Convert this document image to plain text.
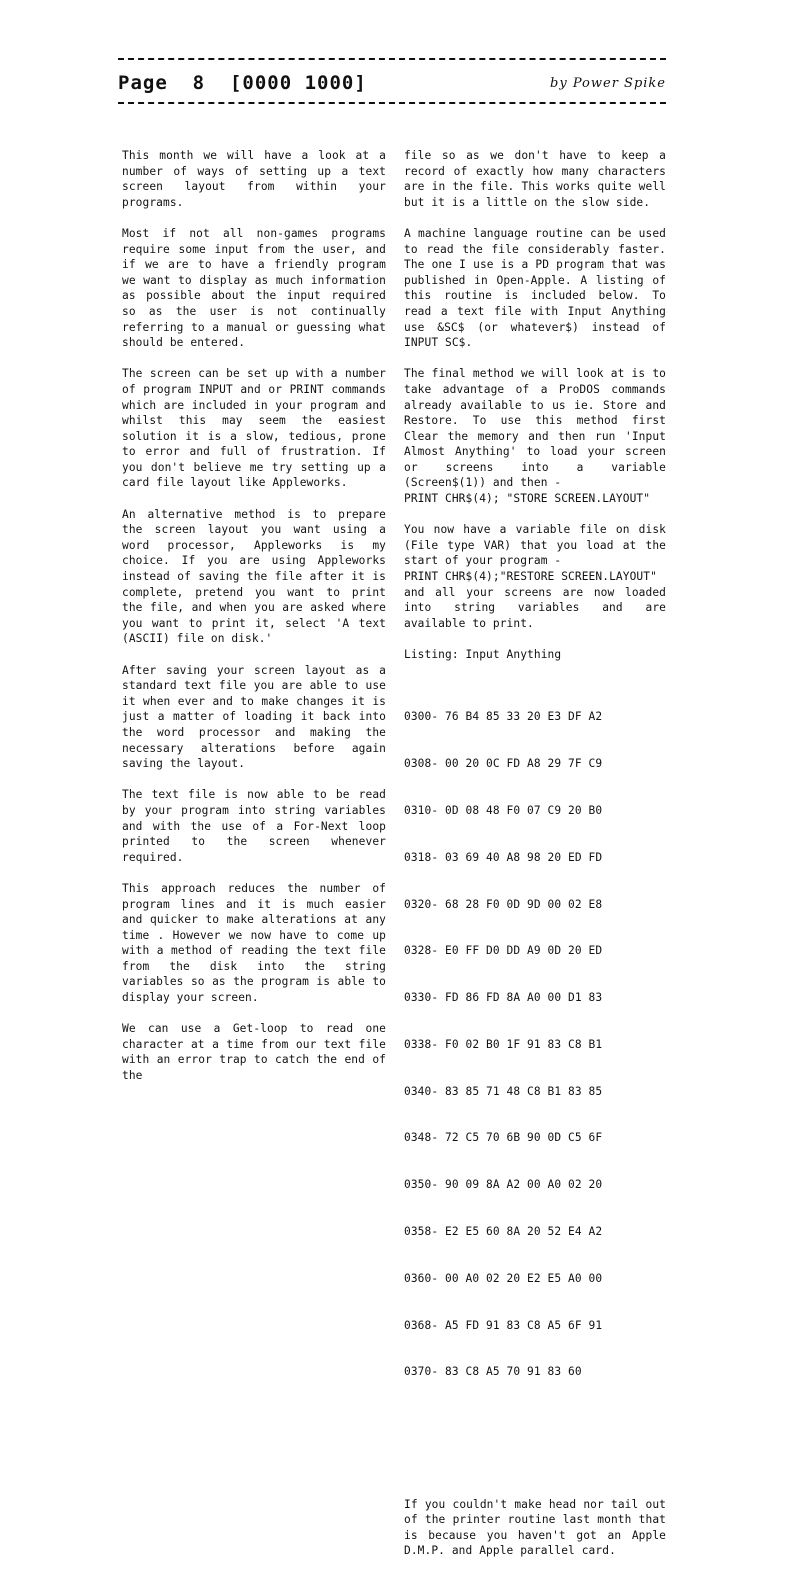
Page  8  [0000 1000]	by Power Spike

This month we will have a look at a number of ways of setting up a text screen layout from within your programs.

Most if not all non-games programs require some input from the user, and if we are to have a friendly program we want to display as much information as possible about the input required so as the user is not continually referring to a manual or guessing what should be entered.

The screen can be set up with a number of program INPUT and or PRINT commands which are included in your program and whilst this may seem the easiest solution it is a slow, tedious, prone to error and full of frustration. If you don't believe me try setting up a card file layout like Appleworks.

An alternative method is to prepare the screen layout you want using a word processor, Appleworks is my choice. If you are using Appleworks instead of saving the file after it is complete, pretend you want to print the file, and when you are asked where you want to print it, select 'A text (ASCII) file on disk.'

After saving your screen layout as a standard text file you are able to use it when ever and to make changes it is just a matter of loading it back into the word processor and making the necessary alterations before again saving the layout.

The text file is now able to be read by your program into string variables and with the use of a For-Next loop printed to the screen whenever required.

This approach reduces the number of program lines and it is much easier and quicker to make alterations at any time . However we now have to come up with a method of reading the text file from the disk into the string variables so as the program is able to display your screen.

We can use a Get-loop to read one character at a time from our text file with an error trap to catch the end of the

file so as we don't have to keep a record of exactly how many characters are in the file. This works quite well but it is a little on the slow side.

A machine language routine can be used to read the file considerably faster. The one I use is a PD program that was published in Open-Apple. A listing of this routine is included below. To read a text file with Input Anything use &SC$ (or whatever$) instead of INPUT SC$.

The final method we will look at is to take advantage of a ProDOS commands already available to us ie. Store and Restore. To use this method first Clear the memory and then run 'Input Almost Anything' to load your screen or screens into a variable (Screen$(1)) and then -
PRINT CHR$(4); "STORE SCREEN.LAYOUT"

You now have a variable file on disk (File type VAR) that you load at the start of your program -
PRINT CHR$(4);"RESTORE SCREEN.LAYOUT"
and all your screens are now loaded into string variables and are available to print.

Listing: Input Anything

0300- 76 B4 85 33 20 E3 DF A2

0308- 00 20 0C FD A8 29 7F C9

0310- 0D 08 48 F0 07 C9 20 B0

0318- 03 69 40 A8 98 20 ED FD

0320- 68 28 F0 0D 9D 00 02 E8

0328- E0 FF D0 DD A9 0D 20 ED

0330- FD 86 FD 8A A0 00 D1 83

0338- F0 02 B0 1F 91 83 C8 B1

0340- 83 85 71 48 C8 B1 83 85

0348- 72 C5 70 6B 90 0D C5 6F

0350- 90 09 8A A2 00 A0 02 20

0358- E2 E5 60 8A 20 52 E4 A2

0360- 00 A0 02 20 E2 E5 A0 00

0368- A5 FD 91 83 C8 A5 6F 91

0370- 83 C8 A5 70 91 83 60

If you couldn't make head nor tail out of the printer routine last month that is because you haven't got an Apple D.M.P. and Apple parallel card.
